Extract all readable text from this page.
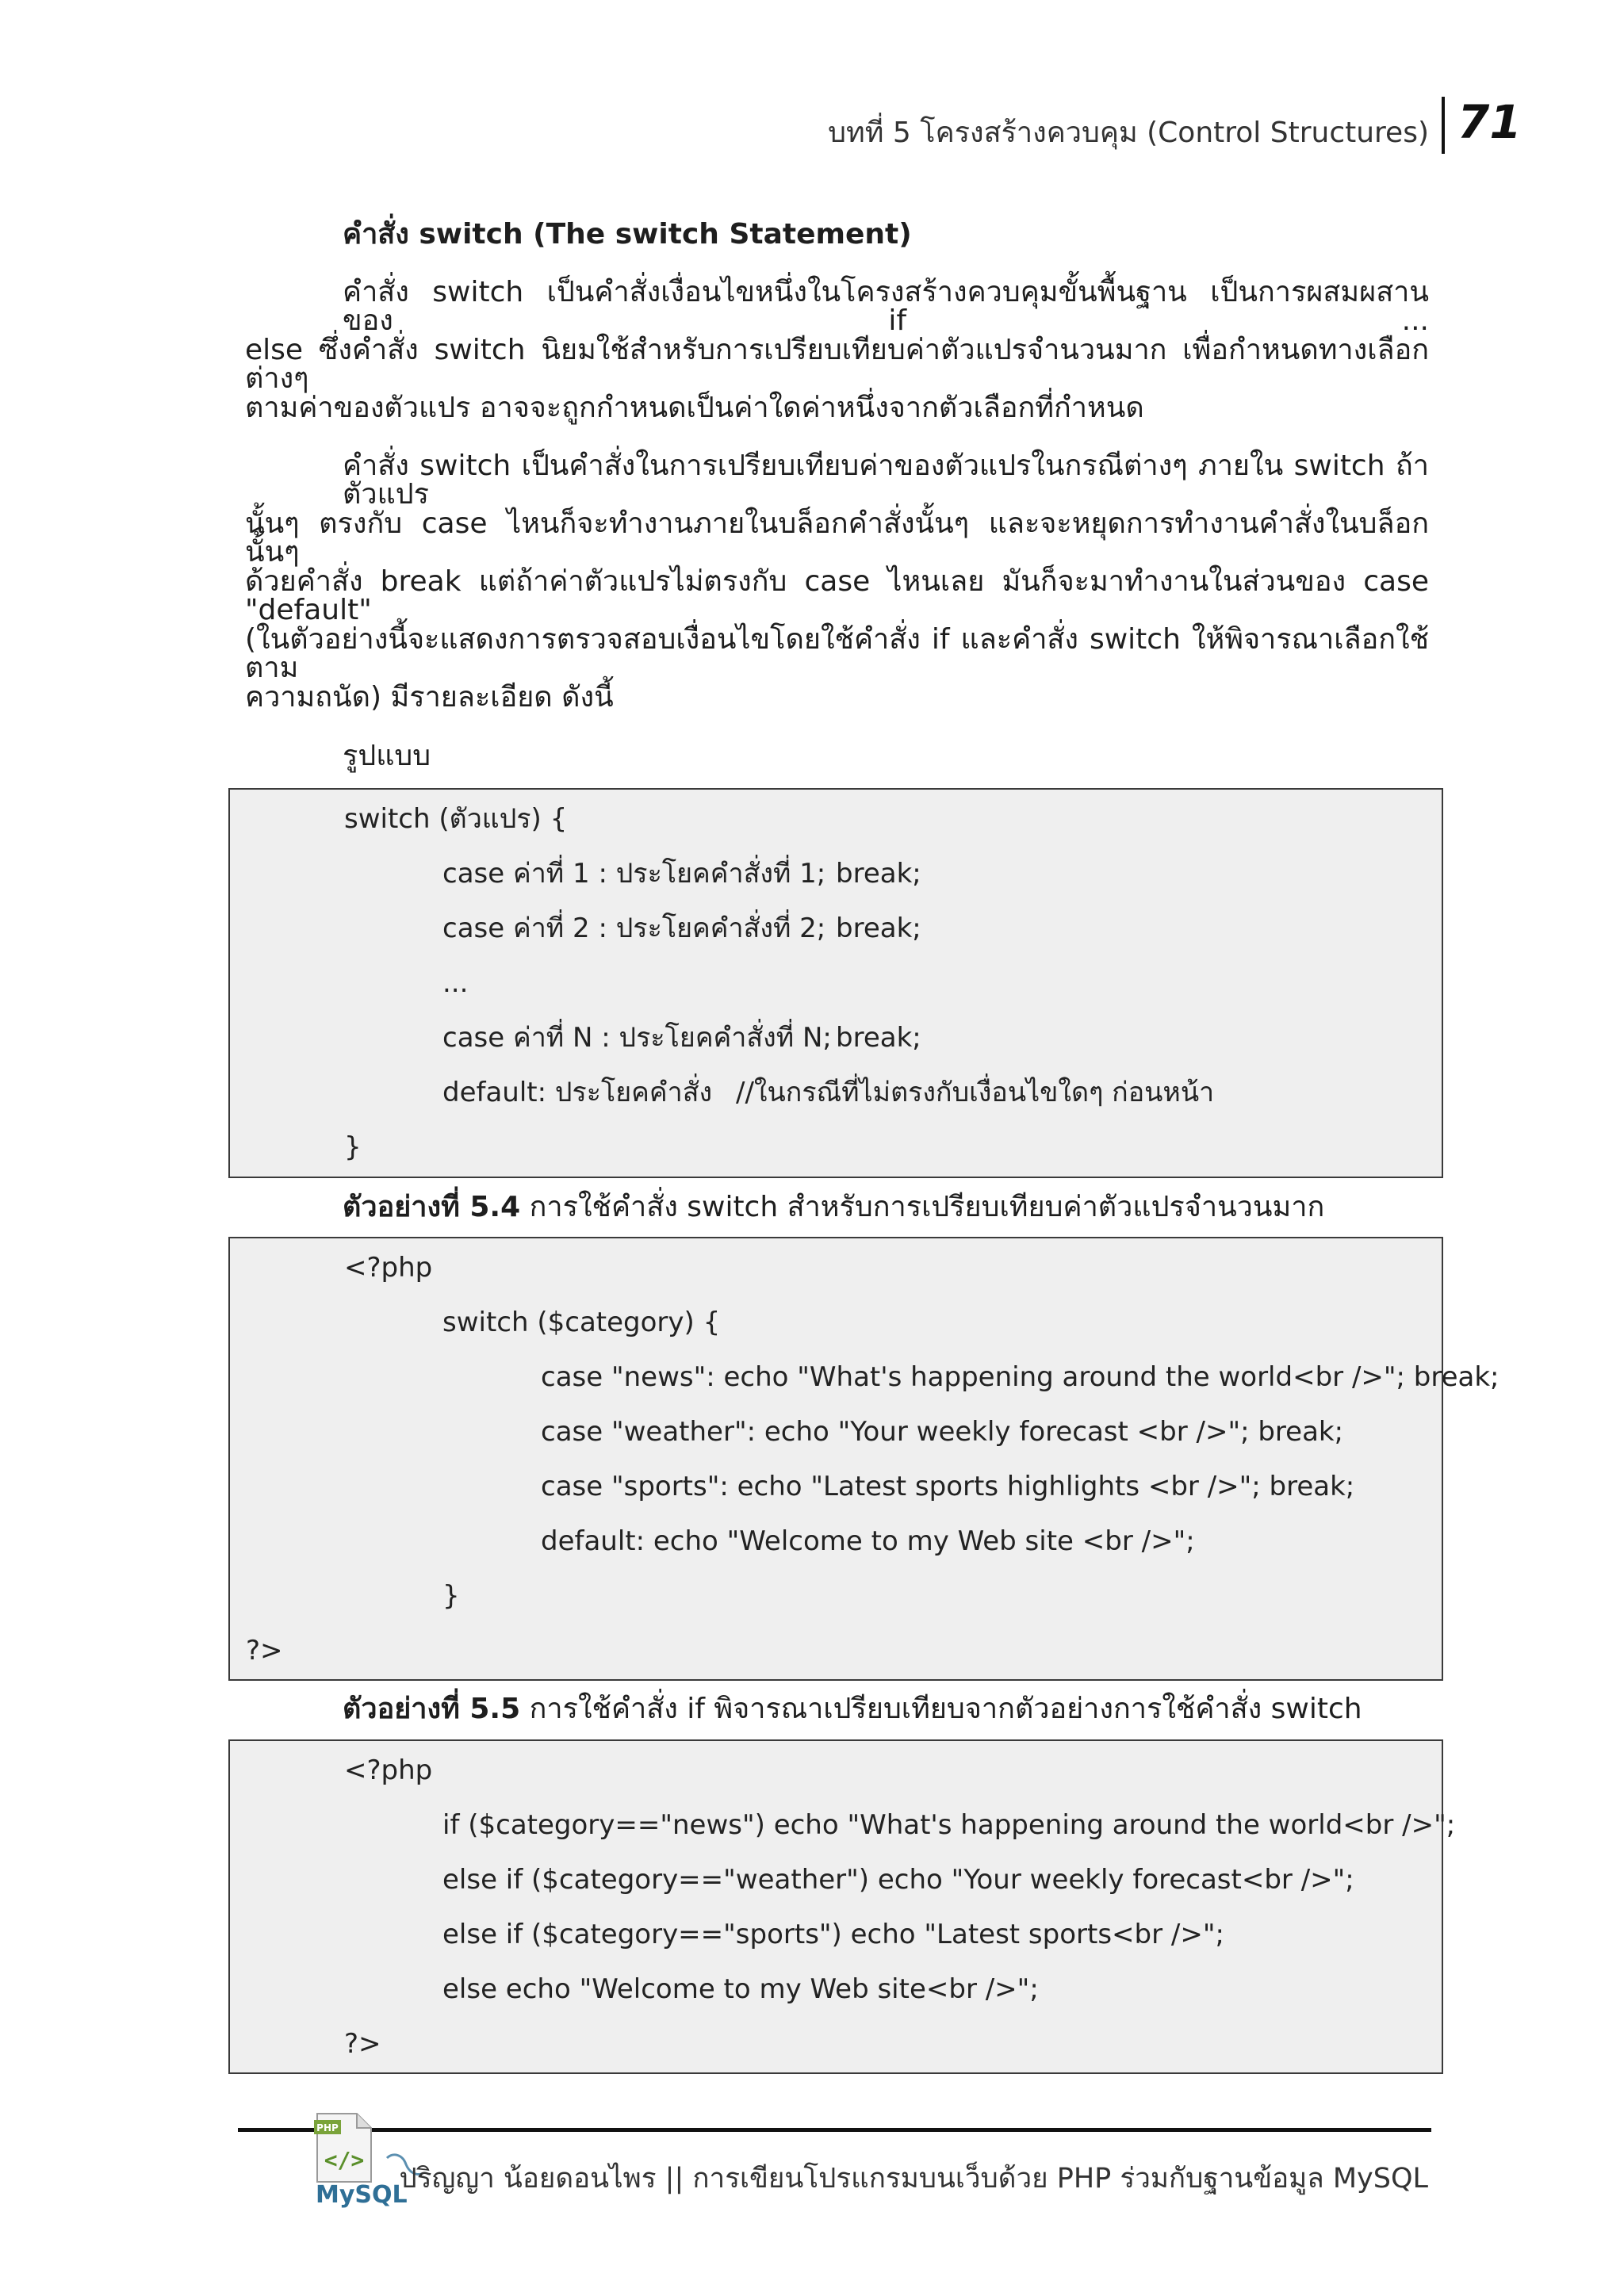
บทที่ 5 โครงสร้างควบคุม (Control Structures) 71
คำสั่ง switch (The switch Statement)
คำสั่ง switch เป็นคำสั่งเงื่อนไขหนึ่งในโครงสร้างควบคุมขั้นพื้นฐาน เป็นการผสมผสานของ if ...
else ซึ่งคำสั่ง switch นิยมใช้สำหรับการเปรียบเทียบค่าตัวแปรจำนวนมาก เพื่อกำหนดทางเลือกต่างๆ
ตามค่าของตัวแปร อาจจะถูกกำหนดเป็นค่าใดค่าหนึ่งจากตัวเลือกที่กำหนด
คำสั่ง switch เป็นคำสั่งในการเปรียบเทียบค่าของตัวแปรในกรณีต่างๆ ภายใน switch ถ้าตัวแปร
นั้นๆ ตรงกับ case ไหนก็จะทำงานภายในบล็อกคำสั่งนั้นๆ และจะหยุดการทำงานคำสั่งในบล็อกนั้นๆ
ด้วยคำสั่ง break แต่ถ้าค่าตัวแปรไม่ตรงกับ case ไหนเลย มันก็จะมาทำงานในส่วนของ case "default"
(ในตัวอย่างนี้จะแสดงการตรวจสอบเงื่อนไขโดยใช้คำสั่ง if และคำสั่ง switch ให้พิจารณาเลือกใช้ตาม
ความถนัด) มีรายละเอียด ดังนี้
รูปแบบ
switch (ตัวแปร) {
case ค่าที่ 1 : ประโยคคำสั่งที่ 1; break;
case ค่าที่ 2 : ประโยคคำสั่งที่ 2; break;
...
case ค่าที่ N : ประโยคคำสั่งที่ N; break;
default: ประโยคคำสั่ง //ในกรณีที่ไม่ตรงกับเงื่อนไขใดๆ ก่อนหน้า
}
ตัวอย่างที่ 5.4 การใช้คำสั่ง switch สำหรับการเปรียบเทียบค่าตัวแปรจำนวนมาก
<?php
switch ($category) {
case "news": echo "What's happening around the world<br />"; break;
case "weather": echo "Your weekly forecast <br />"; break;
case "sports": echo "Latest sports highlights <br />"; break;
default: echo "Welcome to my Web site <br />";
}
?>
ตัวอย่างที่ 5.5 การใช้คำสั่ง if พิจารณาเปรียบเทียบจากตัวอย่างการใช้คำสั่ง switch
<?php
if ($category=="news") echo "What's happening around the world<br />";
else if ($category=="weather") echo "Your weekly forecast<br />";
else if ($category=="sports") echo "Latest sports<br />";
else echo "Welcome to my Web site<br />";
?>
PHP
</>
MySQL
ปริญญา น้อยดอนไพร || การเขียนโปรแกรมบนเว็บด้วย PHP ร่วมกับฐานข้อมูล MySQL
